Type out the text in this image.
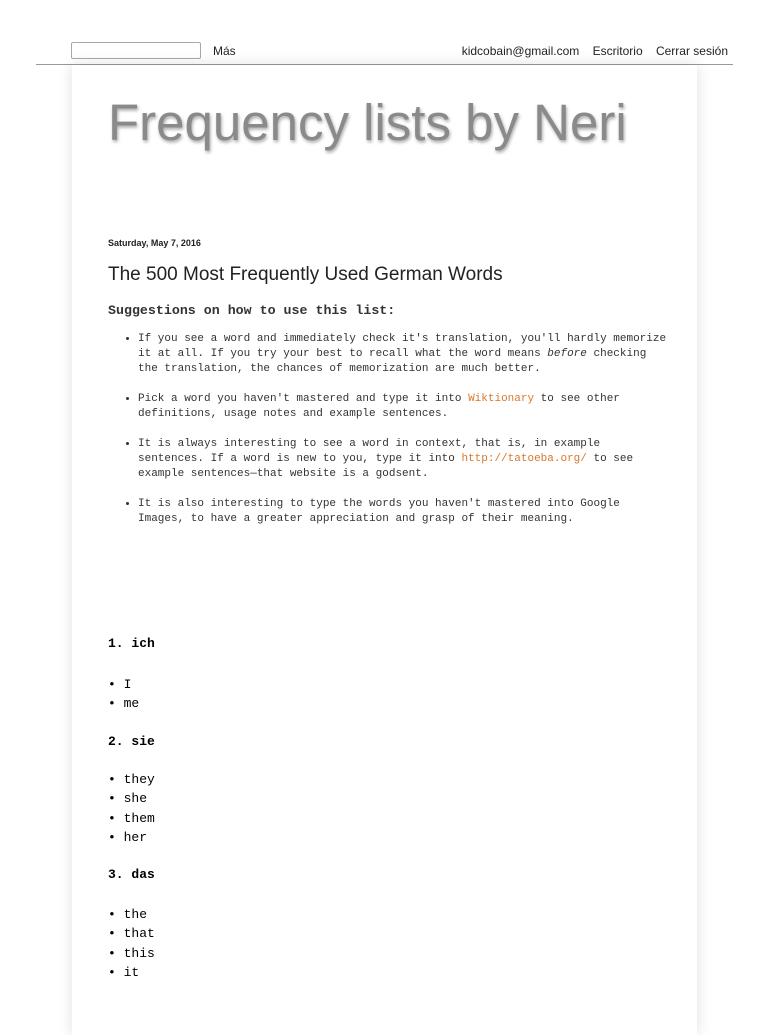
Más	kidcobain@gmail.com Escritorio Cerrar sesión
Frequency lists by Neri
Saturday, May 7, 2016
The 500 Most Frequently Used German Words
Suggestions on how to use this list:
• If you see a word and immediately check it's translation, you'll hardly memorize it at all. If you try your best to recall what the word means before checking the translation, the chances of memorization are much better.
• Pick a word you haven't mastered and type it into Wiktionary to see other definitions, usage notes and example sentences.
• It is always interesting to see a word in context, that is, in example sentences. If a word is new to you, type it into http://tatoeba.org/ to see example sentences—that website is a godsent.
• It is also interesting to type the words you haven't mastered into Google Images, to have a greater appreciation and grasp of their meaning.
1. ich
• I
• me
2. sie
• they
• she
• them
• her
3. das
• the
• that
• this
• it
